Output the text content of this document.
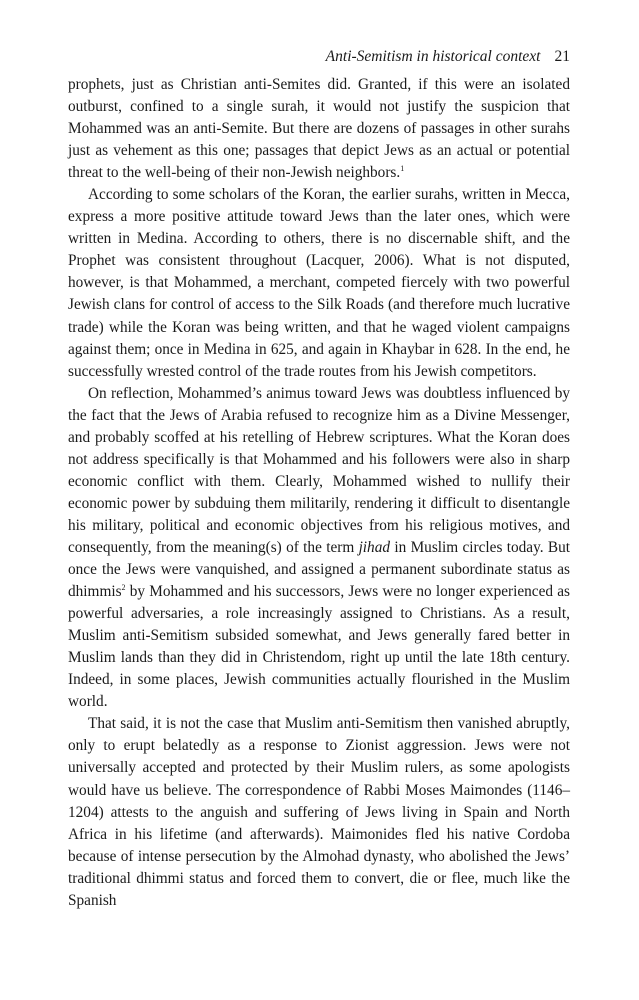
Anti-Semitism in historical context 21

prophets, just as Christian anti-Semites did. Granted, if this were an isolated outburst, confined to a single surah, it would not justify the suspicion that Mohammed was an anti-Semite. But there are dozens of passages in other surahs just as vehement as this one; passages that depict Jews as an actual or potential threat to the well-being of their non-Jewish neighbors.$^1$

According to some scholars of the Koran, the earlier surahs, written in Mecca, express a more positive attitude toward Jews than the later ones, which were written in Medina. According to others, there is no discernable shift, and the Prophet was consistent throughout (Lacquer, 2006). What is not disputed, however, is that Mohammed, a merchant, competed fiercely with two powerful Jewish clans for control of access to the Silk Roads (and therefore much lucrative trade) while the Koran was being written, and that he waged violent campaigns against them; once in Medina in 625, and again in Khaybar in 628. In the end, he successfully wrested control of the trade routes from his Jewish competitors.

On reflection, Mohammed’s animus toward Jews was doubtless influenced by the fact that the Jews of Arabia refused to recognize him as a Divine Messenger, and probably scoffed at his retelling of Hebrew scriptures. What the Koran does not address specifically is that Mohammed and his followers were also in sharp economic conflict with them. Clearly, Mohammed wished to nullify their economic power by subduing them militarily, rendering it difficult to disentangle his military, political and economic objectives from his religious motives, and consequently, from the meaning(s) of the term jihad in Muslim circles today. But once the Jews were vanquished, and assigned a permanent subordinate status as dhimmis$^2$ by Mohammed and his successors, Jews were no longer experienced as powerful adversaries, a role increasingly assigned to Christians. As a result, Muslim anti-Semitism subsided somewhat, and Jews generally fared better in Muslim lands than they did in Christendom, right up until the late 18th century. Indeed, in some places, Jewish communities actually flourished in the Muslim world.

That said, it is not the case that Muslim anti-Semitism then vanished abruptly, only to erupt belatedly as a response to Zionist aggression. Jews were not universally accepted and protected by their Muslim rulers, as some apologists would have us believe. The correspondence of Rabbi Moses Maimondes (1146–1204) attests to the anguish and suffering of Jews living in Spain and North Africa in his lifetime (and afterwards). Maimonides fled his native Cordoba because of intense persecution by the Almohad dynasty, who abolished the Jews’ traditional dhimmi status and forced them to convert, die or flee, much like the Spanish
